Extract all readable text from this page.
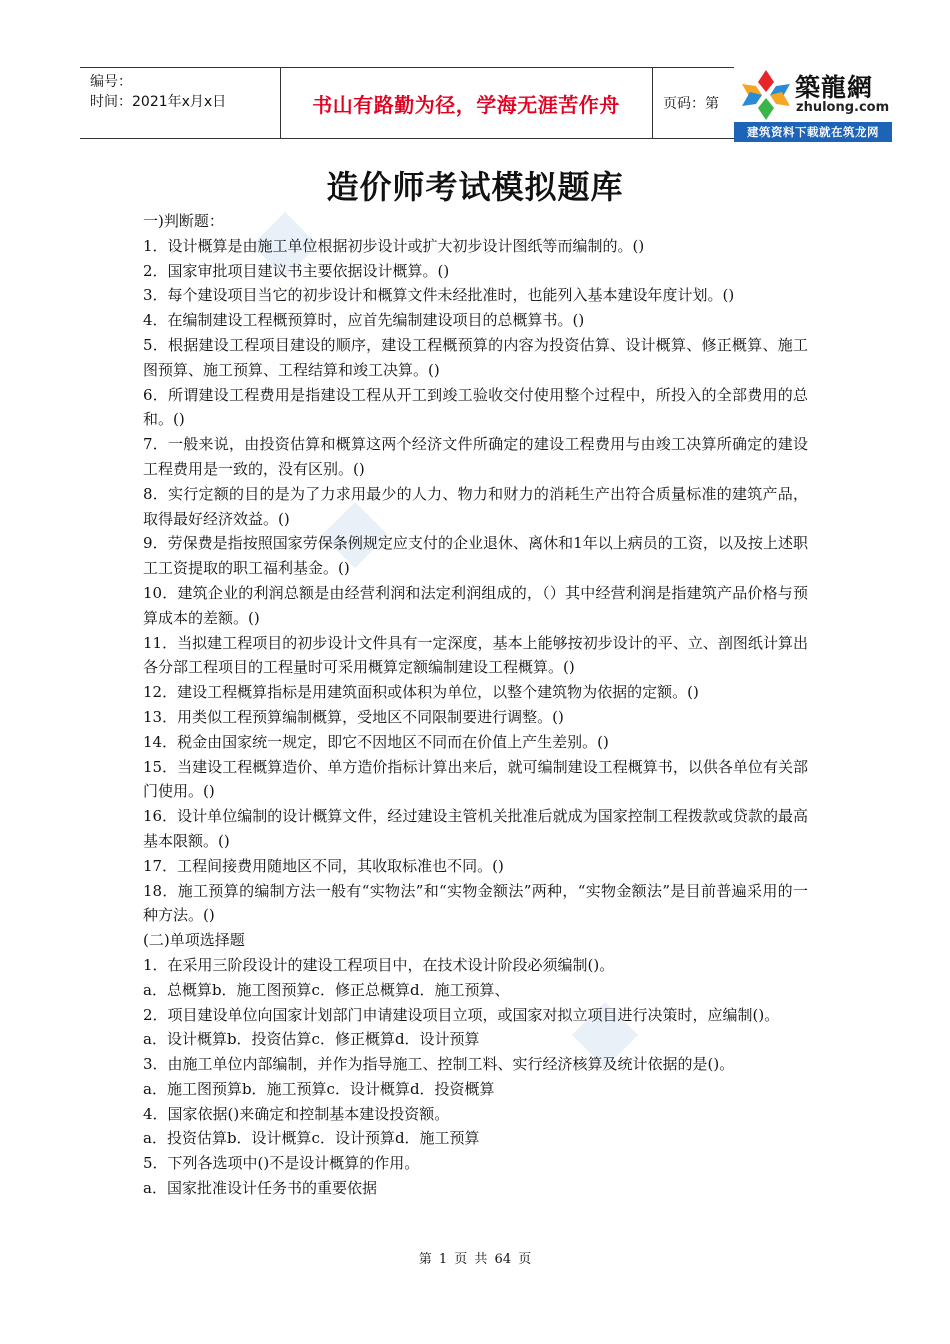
编号：
时间：2021年x月x日	书山有路勤为径，学海无涯苦作舟	页码：第
築龍網
zhulong.com
建筑资料下载就在筑龙网
造价师考试模拟题库

一)判断题：

1．设计概算是由施工单位根据初步设计或扩大初步设计图纸等而编制的。()

2．国家审批项目建议书主要依据设计概算。()

3．每个建设项目当它的初步设计和概算文件未经批准时，也能列入基本建设年度计划。()

4．在编制建设工程概预算时，应首先编制建设项目的总概算书。()

5．根据建设工程项目建设的顺序，建设工程概预算的内容为投资估算、设计概算、修正概算、施工图预算、施工预算、工程结算和竣工决算。()

6．所谓建设工程费用是指建设工程从开工到竣工验收交付使用整个过程中，所投入的全部费用的总和。()

7．一般来说，由投资估算和概算这两个经济文件所确定的建设工程费用与由竣工决算所确定的建设工程费用是一致的，没有区别。()

8．实行定额的目的是为了力求用最少的人力、物力和财力的消耗生产出符合质量标准的建筑产品，取得最好经济效益。()

9．劳保费是指按照国家劳保条例规定应支付的企业退休、离休和1年以上病员的工资，以及按上述职工工资提取的职工福利基金。()

10．建筑企业的利润总额是由经营利润和法定利润组成的，（）其中经营利润是指建筑产品价格与预算成本的差额。()

11．当拟建工程项目的初步设计文件具有一定深度，基本上能够按初步设计的平、立、剖图纸计算出各分部工程项目的工程量时可采用概算定额编制建设工程概算。()

12．建设工程概算指标是用建筑面积或体积为单位，以整个建筑物为依据的定额。()

13．用类似工程预算编制概算，受地区不同限制要进行调整。()

14．税金由国家统一规定，即它不因地区不同而在价值上产生差别。()

15．当建设工程概算造价、单方造价指标计算出来后，就可编制建设工程概算书，以供各单位有关部门使用。()

16．设计单位编制的设计概算文件，经过建设主管机关批准后就成为国家控制工程拨款或贷款的最高基本限额。()

17．工程间接费用随地区不同，其收取标准也不同。()

18．施工预算的编制方法一般有“实物法”和“实物金额法”两种，“实物金额法”是目前普遍采用的一种方法。()

(二)单项选择题

1．在采用三阶段设计的建设工程项目中，在技术设计阶段必须编制()。

a．总概算b．施工图预算c．修正总概算d．施工预算、

2．项目建设单位向国家计划部门申请建设项目立项，或国家对拟立项目进行决策时，应编制()。

a．设计概算b．投资估算c．修正概算d．设计预算

3．由施工单位内部编制，并作为指导施工、控制工料、实行经济核算及统计依据的是()。

a．施工图预算b．施工预算c．设计概算d．投资概算

4．国家依据()来确定和控制基本建设投资额。

a．投资估算b．设计概算c．设计预算d．施工预算

5．下列各选项中()不是设计概算的作用。

a．国家批准设计任务书的重要依据

第 1 页 共 64 页
